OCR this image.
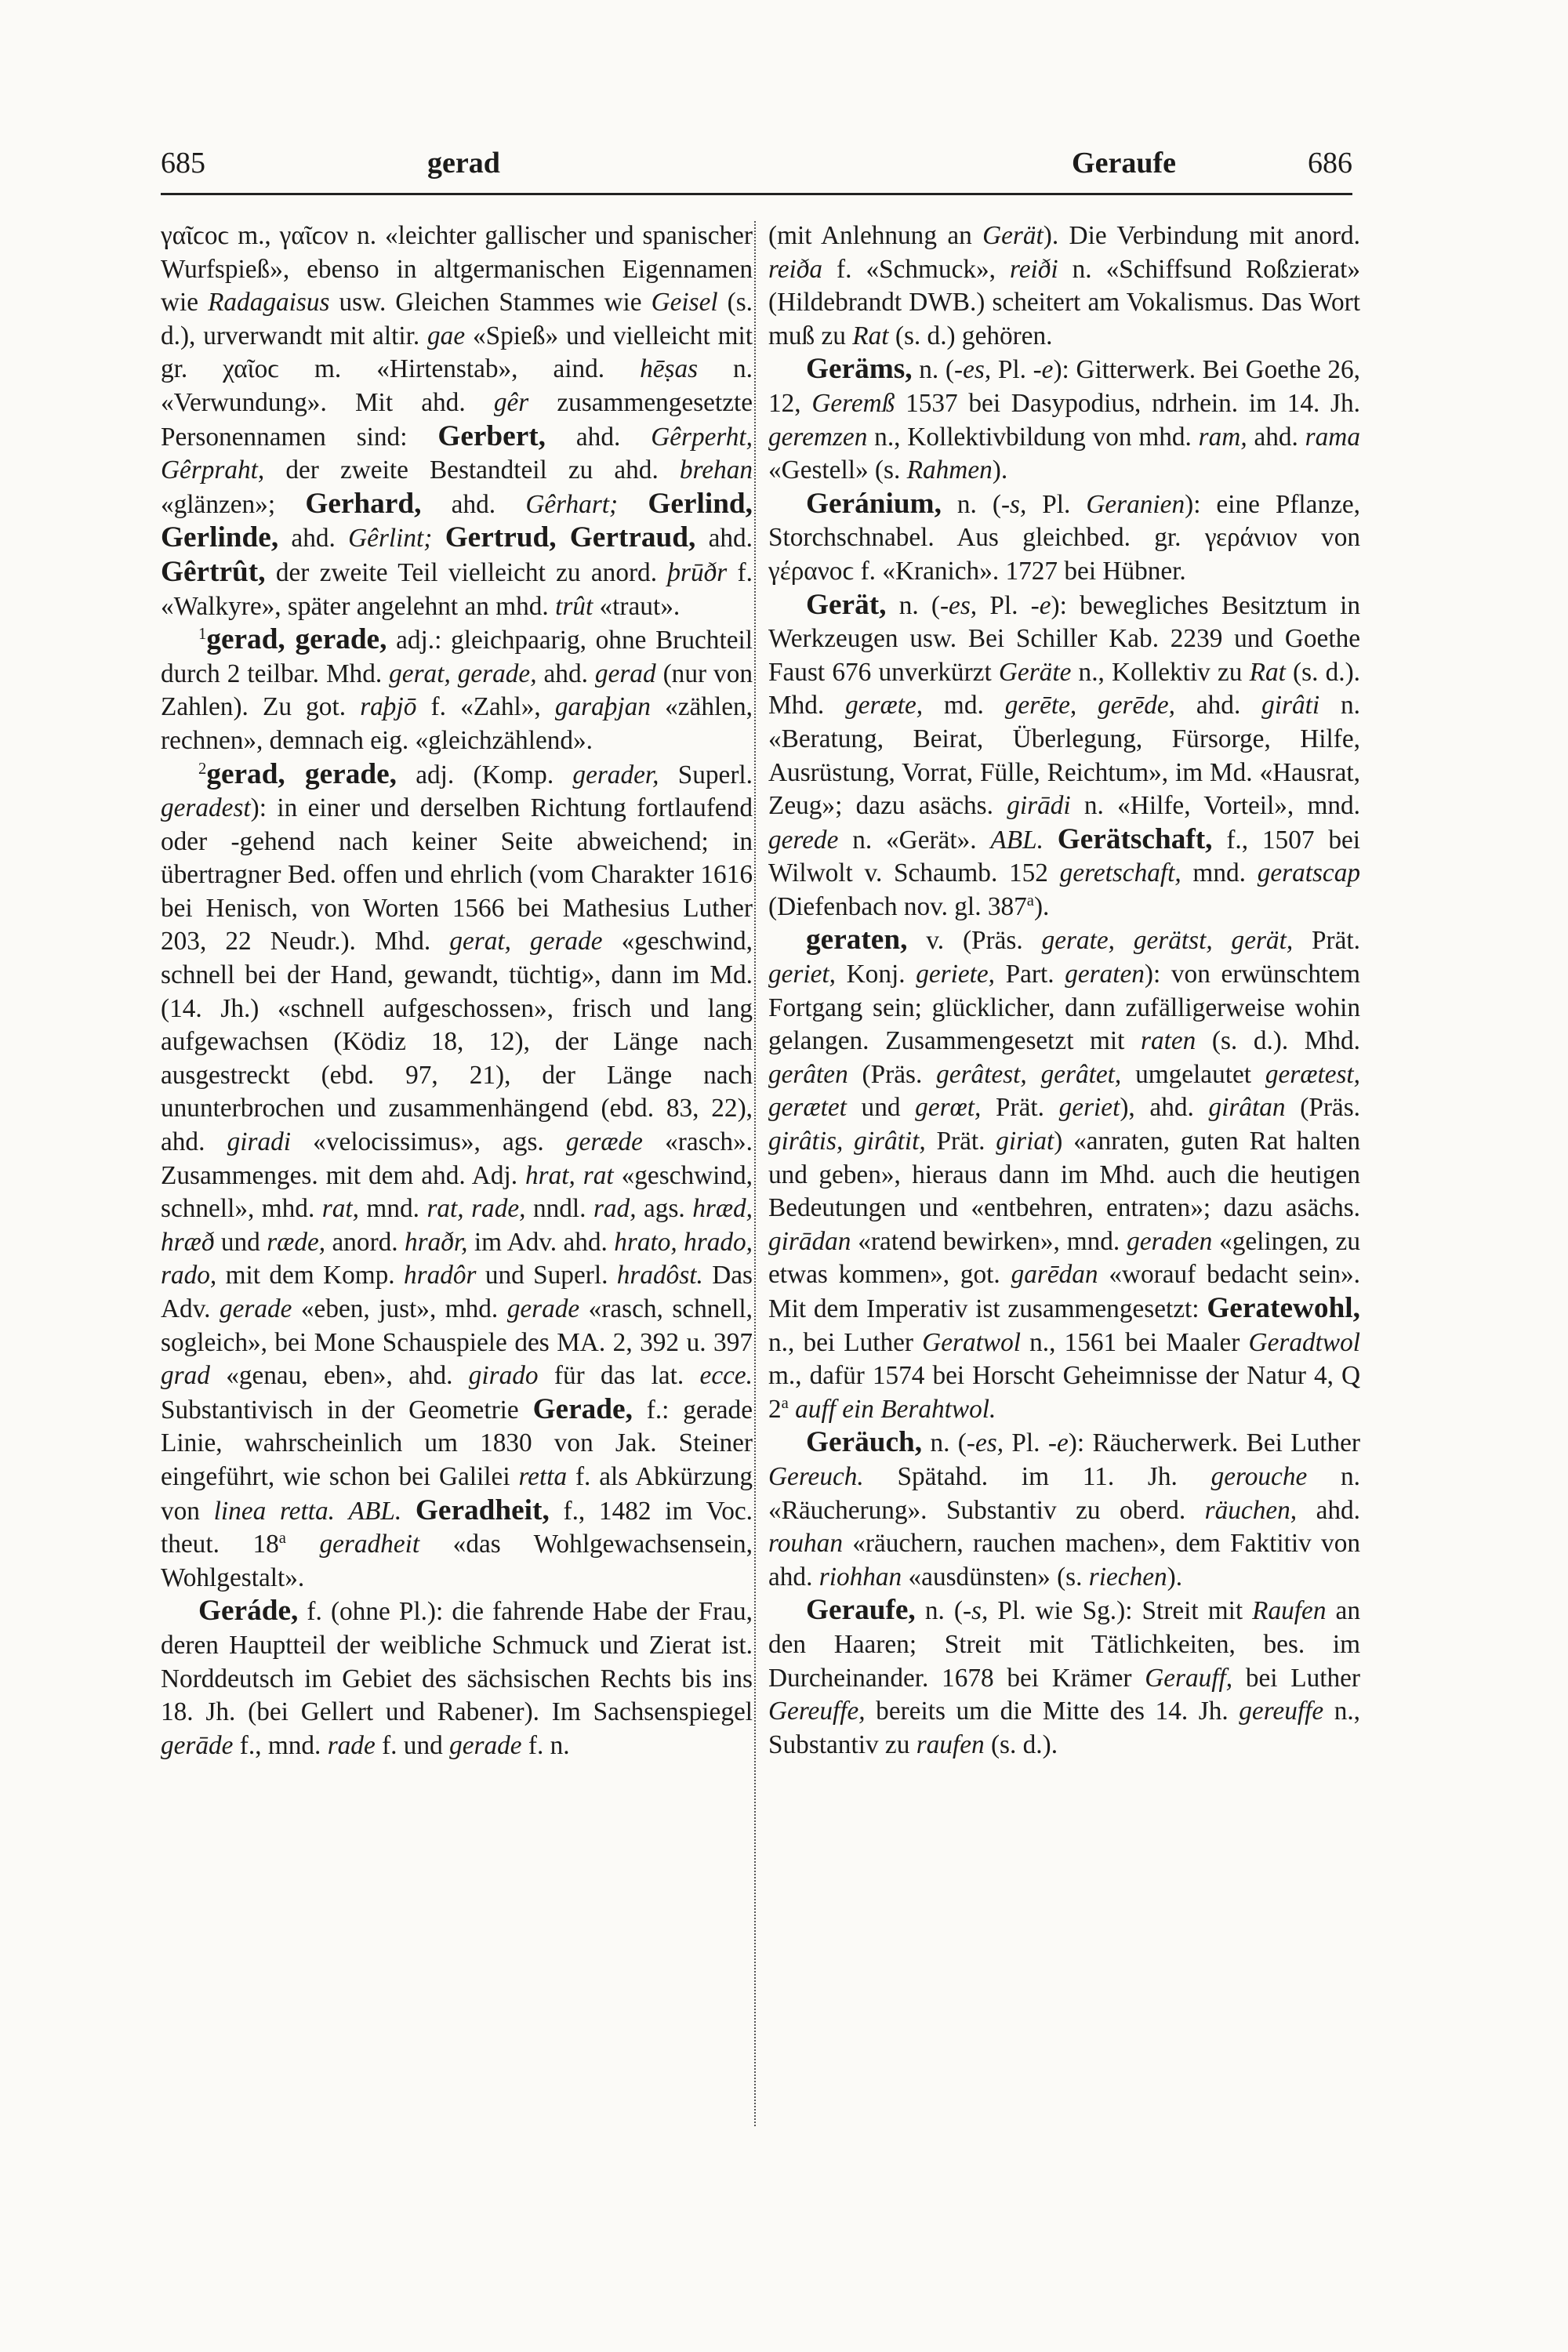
685	gerad	Geraufe	686

γαῖϲοϲ m., γαῖϲον n. «leichter gallischer und spanischer Wurfspieß», ebenso in altgermanischen Eigennamen wie Radagaisus usw. Gleichen Stammes wie Geisel (s. d.), urverwandt mit altir. gae «Spieß» und vielleicht mit gr. χαῖοϲ m. «Hirtenstab», aind. hēṣas n. «Verwundung». Mit ahd. gêr zusammengesetzte Personennamen sind: Gerbert, ahd. Gêrperht, Gêrpraht, der zweite Bestandteil zu ahd. brehan «glänzen»; Gerhard, ahd. Gêrhart; Gerlind, Gerlinde, ahd. Gêrlint; Gertrud, Gertraud, ahd. Gêrtrût, der zweite Teil vielleicht zu anord. þrūðr f. «Walkyre», später angelehnt an mhd. trût «traut».

$^1$gerad, gerade, adj.: gleichpaarig, ohne Bruchteil durch 2 teilbar. Mhd. gerat, gerade, ahd. gerad (nur von Zahlen). Zu got. raþjō f. «Zahl», garaþjan «zählen, rechnen», demnach eig. «gleichzählend».

$^2$gerad, gerade, adj. (Komp. gerader, Superl. geradest): in einer und derselben Richtung fortlaufend oder -gehend nach keiner Seite abweichend; in übertragner Bed. offen und ehrlich (vom Charakter 1616 bei Henisch, von Worten 1566 bei Mathesius Luther 203, 22 Neudr.). Mhd. gerat, gerade «geschwind, schnell bei der Hand, gewandt, tüchtig», dann im Md. (14. Jh.) «schnell aufgeschossen», frisch und lang aufgewachsen (Ködiz 18, 12), der Länge nach ausgestreckt (ebd. 97, 21), der Länge nach ununterbrochen und zusammenhängend (ebd. 83, 22), ahd. giradi «velocissimus», ags. geræde «rasch». Zusammenges. mit dem ahd. Adj. hrat, rat «geschwind, schnell», mhd. rat, mnd. rat, rade, nndl. rad, ags. hræd, hræð und ræde, anord. hraðr, im Adv. ahd. hrato, hrado, rado, mit dem Komp. hradôr und Superl. hradôst. Das Adv. gerade «eben, just», mhd. gerade «rasch, schnell, sogleich», bei Mone Schauspiele des MA. 2, 392 u. 397 grad «genau, eben», ahd. girado für das lat. ecce. Substantivisch in der Geometrie Gerade, f.: gerade Linie, wahrscheinlich um 1830 von Jak. Steiner eingeführt, wie schon bei Galilei retta f. als Abkürzung von linea retta. ABL. Geradheit, f., 1482 im Voc. theut. 18$^a$ geradheit «das Wohlgewachsensein, Wohlgestalt».

Geráde, f. (ohne Pl.): die fahrende Habe der Frau, deren Hauptteil der weibliche Schmuck und Zierat ist. Norddeutsch im Gebiet des sächsischen Rechts bis ins 18. Jh. (bei Gellert und Rabener). Im Sachsenspiegel gerāde f., mnd. rade f. und gerade f. n.

(mit Anlehnung an Gerät). Die Verbindung mit anord. reiða f. «Schmuck», reiði n. «Schiffsund Roßzierat» (Hildebrandt DWB.) scheitert am Vokalismus. Das Wort muß zu Rat (s. d.) gehören.

Geräms, n. (-es, Pl. -e): Gitterwerk. Bei Goethe 26, 12, Geremß 1537 bei Dasypodius, ndrhein. im 14. Jh. geremzen n., Kollektivbildung von mhd. ram, ahd. rama «Gestell» (s. Rahmen).

Geránium, n. (-s, Pl. Geranien): eine Pflanze, Storchschnabel. Aus gleichbed. gr. γεράνιον von γέρανοϲ f. «Kranich». 1727 bei Hübner.

Gerät, n. (-es, Pl. -e): bewegliches Besitztum in Werkzeugen usw. Bei Schiller Kab. 2239 und Goethe Faust 676 unverkürzt Geräte n., Kollektiv zu Rat (s. d.). Mhd. geræte, md. gerēte, gerēde, ahd. girâti n. «Beratung, Beirat, Überlegung, Fürsorge, Hilfe, Ausrüstung, Vorrat, Fülle, Reichtum», im Md. «Hausrat, Zeug»; dazu asächs. girādi n. «Hilfe, Vorteil», mnd. gerede n. «Gerät». ABL. Gerätschaft, f., 1507 bei Wilwolt v. Schaumb. 152 geretschaft, mnd. geratscap (Diefenbach nov. gl. 387$^a$).

geraten, v. (Präs. gerate, gerätst, gerät, Prät. geriet, Konj. geriete, Part. geraten): von erwünschtem Fortgang sein; glücklicher, dann zufälligerweise wohin gelangen. Zusammengesetzt mit raten (s. d.). Mhd. gerâten (Präs. gerâtest, gerâtet, umgelautet gerætest, gerætet und gerœt, Prät. geriet), ahd. girâtan (Präs. girâtis, girâtit, Prät. giriat) «anraten, guten Rat halten und geben», hieraus dann im Mhd. auch die heutigen Bedeutungen und «entbehren, entraten»; dazu asächs. girādan «ratend bewirken», mnd. geraden «gelingen, zu etwas kommen», got. garēdan «worauf bedacht sein». Mit dem Imperativ ist zusammengesetzt: Geratewohl, n., bei Luther Geratwol n., 1561 bei Maaler Geradtwol m., dafür 1574 bei Horscht Geheimnisse der Natur 4, Q 2$^a$ auff ein Berahtwol.

Geräuch, n. (-es, Pl. -e): Räucherwerk. Bei Luther Gereuch. Spätahd. im 11. Jh. gerouche n. «Räucherung». Substantiv zu oberd. räuchen, ahd. rouhan «räuchern, rauchen machen», dem Faktitiv von ahd. riohhan «ausdünsten» (s. riechen).

Geraufe, n. (-s, Pl. wie Sg.): Streit mit Raufen an den Haaren; Streit mit Tätlichkeiten, bes. im Durcheinander. 1678 bei Krämer Gerauff, bei Luther Gereuffe, bereits um die Mitte des 14. Jh. gereuffe n., Substantiv zu raufen (s. d.).
